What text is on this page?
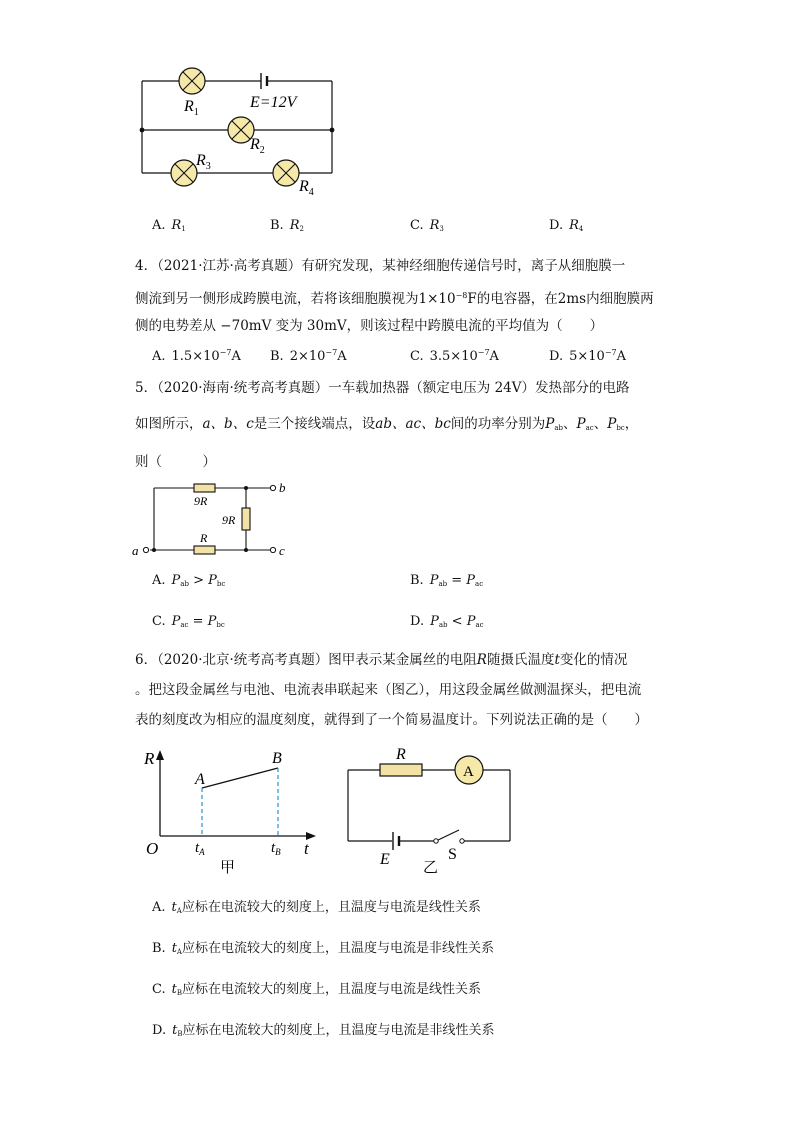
$R_1$
E=12V
$R_2$
$R_3$
$R_4$
A. $R_1$	B. $R_2$	C. $R_3$	D. $R_4$
4．（2021·江苏·高考真题）有研究发现，某神经细胞传递信号时，离子从细胞膜一
侧流到另一侧形成跨膜电流，若将该细胞膜视为$1\times 10^{-8}F$的电容器，在2ms内细胞膜两
侧的电势差从 −70mV 变为 30mV，则该过程中跨膜电流的平均值为（　　）
A. $1.5\times 10^{-7}A$ B. $2\times 10^{-7}A$	C. $3.5\times 10^{-7}A$	D. $5\times 10^{-7}A$
5．（2020·海南·统考高考真题）一车载加热器（额定电压为 24V）发热部分的电路
如图所示，a、b、c是三个接线端点，设ab、ac、bc间的功率分别为$P_{ab}$、$P_{ac}$、$P_{bc}$，
则（　　　）
9R
9R
R
a
b
c
A. $P_{ab} > P_{bc}$	B. $P_{ab} = P_{ac}$
C. $P_{ac} = P_{bc}$	D. $P_{ab} < P_{ac}$
6．（2020·北京·统考高考真题）图甲表示某金属丝的电阻R随摄氏温度t变化的情况
。把这段金属丝与电池、电流表串联起来（图乙），用这段金属丝做测温探头，把电流
表的刻度改为相应的温度刻度，就得到了一个简易温度计。下列说法正确的是（　　）
R
O	t
A
B
$t_A$	$t_B$
甲
A
R
E	S
乙
A. $t_A$应标在电流较大的刻度上，且温度与电流是线性关系
B. $t_A$应标在电流较大的刻度上，且温度与电流是非线性关系
C. $t_B$应标在电流较大的刻度上，且温度与电流是线性关系
D. $t_B$应标在电流较大的刻度上，且温度与电流是非线性关系
